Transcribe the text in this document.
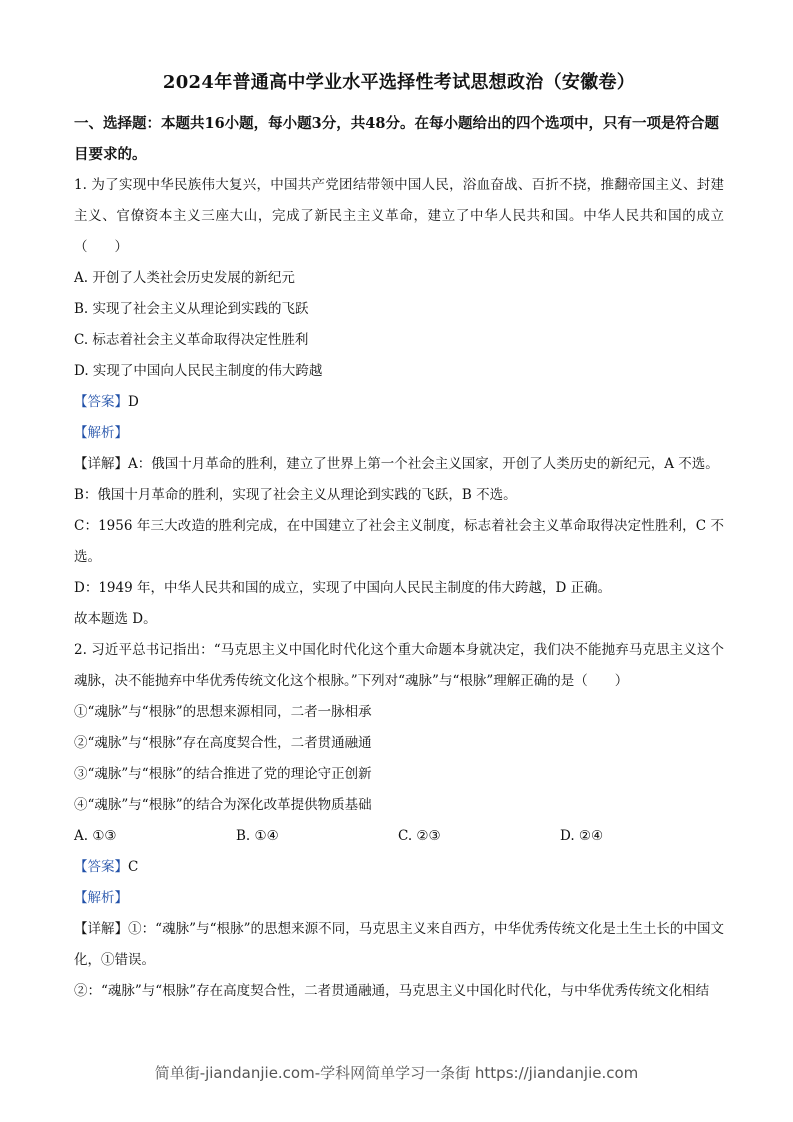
2024年普通高中学业水平选择性考试思想政治（安徽卷）
一、选择题：本题共16小题，每小题3分，共48分。在每小题给出的四个选项中，只有一项是符合题目要求的。
1. 为了实现中华民族伟大复兴，中国共产党团结带领中国人民，浴血奋战、百折不挠，推翻帝国主义、封建主义、官僚资本主义三座大山，完成了新民主主义革命，建立了中华人民共和国。中华人民共和国的成立（　　）
A. 开创了人类社会历史发展的新纪元
B. 实现了社会主义从理论到实践的飞跃
C. 标志着社会主义革命取得决定性胜利
D. 实现了中国向人民民主制度的伟大跨越
【答案】D
【解析】
【详解】A：俄国十月革命的胜利，建立了世界上第一个社会主义国家，开创了人类历史的新纪元，A 不选。
B：俄国十月革命的胜利，实现了社会主义从理论到实践的飞跃，B 不选。
C：1956 年三大改造的胜利完成，在中国建立了社会主义制度，标志着社会主义革命取得决定性胜利，C 不选。
D：1949 年，中华人民共和国的成立，实现了中国向人民民主制度的伟大跨越，D 正确。
故本题选 D。
2. 习近平总书记指出：“马克思主义中国化时代化这个重大命题本身就决定，我们决不能抛弃马克思主义这个魂脉，决不能抛弃中华优秀传统文化这个根脉。”下列对“魂脉”与“根脉”理解正确的是（　　）
①“魂脉”与“根脉”的思想来源相同，二者一脉相承
②“魂脉”与“根脉”存在高度契合性，二者贯通融通
③“魂脉”与“根脉”的结合推进了党的理论守正创新
④“魂脉”与“根脉”的结合为深化改革提供物质基础
A. ①③	B. ①④	C. ②③	D. ②④
【答案】C
【解析】
【详解】①：“魂脉”与“根脉”的思想来源不同，马克思主义来自西方，中华优秀传统文化是土生土长的中国文化，①错误。
②：“魂脉”与“根脉”存在高度契合性，二者贯通融通，马克思主义中国化时代化，与中华优秀传统文化相结
简单街-jiandanjie.com-学科网简单学习一条街 https://jiandanjie.com
